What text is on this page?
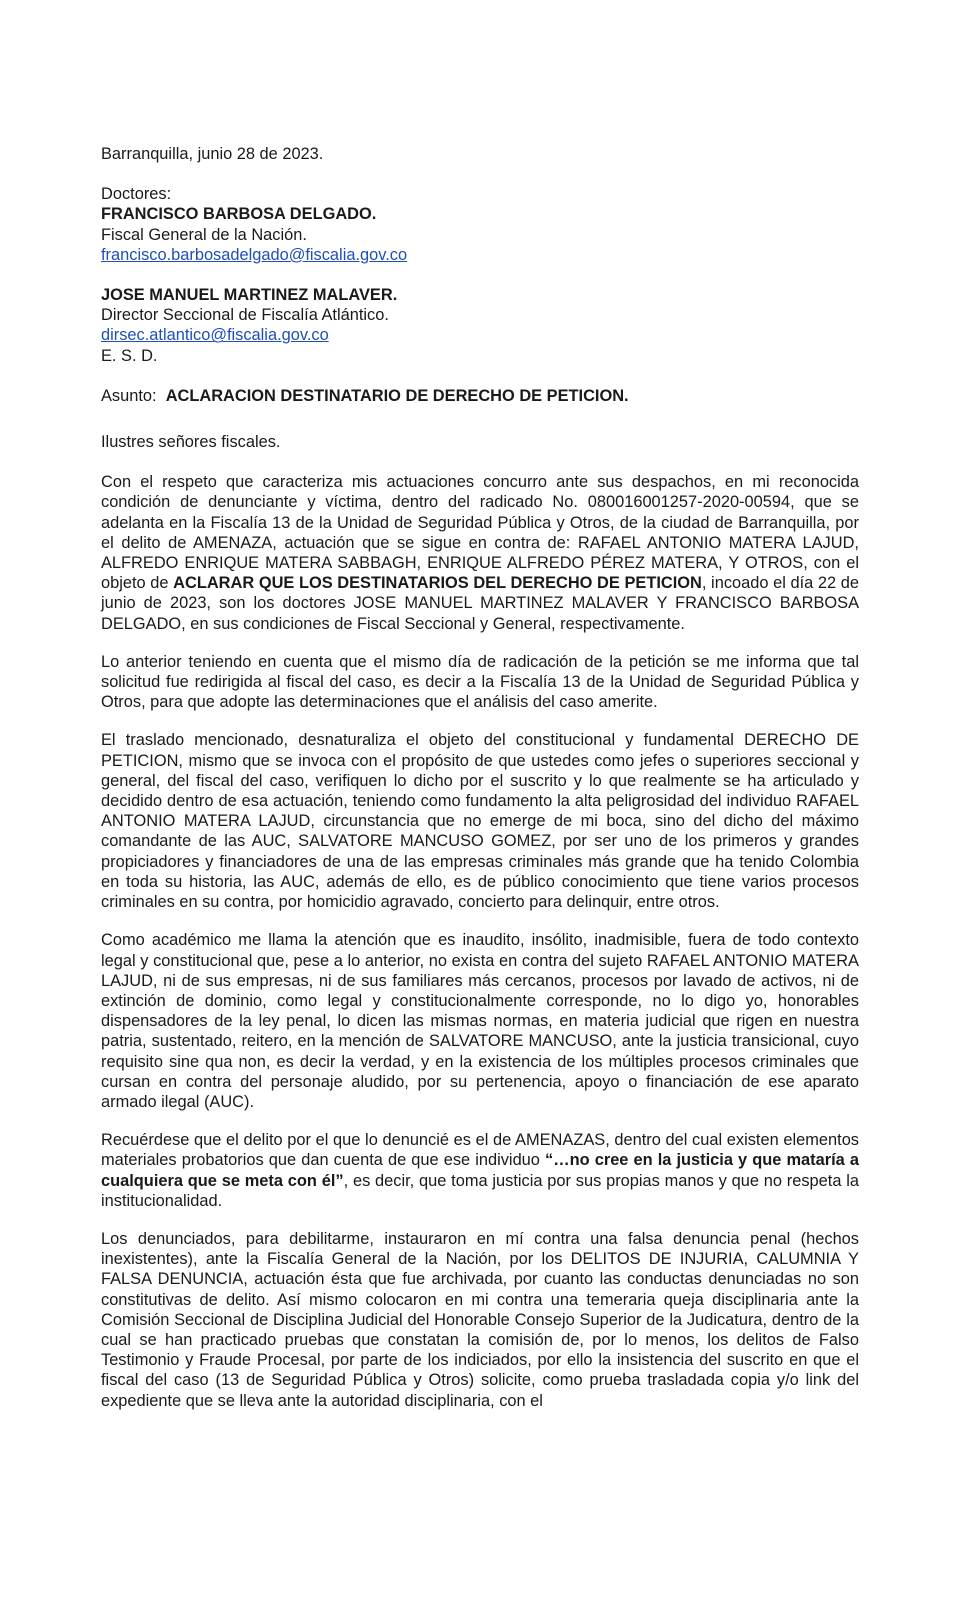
Barranquilla, junio 28 de 2023.
Doctores:
FRANCISCO BARBOSA DELGADO.
Fiscal General de la Nación.
francisco.barbosadelgado@fiscalia.gov.co
JOSE MANUEL MARTINEZ MALAVER.
Director Seccional de Fiscalía Atlántico.
dirsec.atlantico@fiscalia.gov.co
E. S. D.
Asunto: ACLARACION DESTINATARIO DE DERECHO DE PETICION.
Ilustres señores fiscales.

Con el respeto que caracteriza mis actuaciones concurro ante sus despachos, en mi reconocida condición de denunciante y víctima, dentro del radicado No. 080016001257-2020-00594, que se adelanta en la Fiscalía 13 de la Unidad de Seguridad Pública y Otros, de la ciudad de Barranquilla, por el delito de AMENAZA, actuación que se sigue en contra de: RAFAEL ANTONIO MATERA LAJUD, ALFREDO ENRIQUE MATERA SABBAGH, ENRIQUE ALFREDO PÉREZ MATERA, Y OTROS, con el objeto de ACLARAR QUE LOS DESTINATARIOS DEL DERECHO DE PETICION, incoado el día 22 de junio de 2023, son los doctores JOSE MANUEL MARTINEZ MALAVER Y FRANCISCO BARBOSA DELGADO, en sus condiciones de Fiscal Seccional y General, respectivamente.

Lo anterior teniendo en cuenta que el mismo día de radicación de la petición se me informa que tal solicitud fue redirigida al fiscal del caso, es decir a la Fiscalía 13 de la Unidad de Seguridad Pública y Otros, para que adopte las determinaciones que el análisis del caso amerite.

El traslado mencionado, desnaturaliza el objeto del constitucional y fundamental DERECHO DE PETICION, mismo que se invoca con el propósito de que ustedes como jefes o superiores seccional y general, del fiscal del caso, verifiquen lo dicho por el suscrito y lo que realmente se ha articulado y decidido dentro de esa actuación, teniendo como fundamento la alta peligrosidad del individuo RAFAEL ANTONIO MATERA LAJUD, circunstancia que no emerge de mi boca, sino del dicho del máximo comandante de las AUC, SALVATORE MANCUSO GOMEZ, por ser uno de los primeros y grandes propiciadores y financiadores de una de las empresas criminales más grande que ha tenido Colombia en toda su historia, las AUC, además de ello, es de público conocimiento que tiene varios procesos criminales en su contra, por homicidio agravado, concierto para delinquir, entre otros.

Como académico me llama la atención que es inaudito, insólito, inadmisible, fuera de todo contexto legal y constitucional que, pese a lo anterior, no exista en contra del sujeto RAFAEL ANTONIO MATERA LAJUD, ni de sus empresas, ni de sus familiares más cercanos, procesos por lavado de activos, ni de extinción de dominio, como legal y constitucionalmente corresponde, no lo digo yo, honorables dispensadores de la ley penal, lo dicen las mismas normas, en materia judicial que rigen en nuestra patria, sustentado, reitero, en la mención de SALVATORE MANCUSO, ante la justicia transicional, cuyo requisito sine qua non, es decir la verdad, y en la existencia de los múltiples procesos criminales que cursan en contra del personaje aludido, por su pertenencia, apoyo o financiación de ese aparato armado ilegal (AUC).

Recuérdese que el delito por el que lo denuncié es el de AMENAZAS, dentro del cual existen elementos materiales probatorios que dan cuenta de que ese individuo “…no cree en la justicia y que mataría a cualquiera que se meta con él”, es decir, que toma justicia por sus propias manos y que no respeta la institucionalidad.

Los denunciados, para debilitarme, instauraron en mí contra una falsa denuncia penal (hechos inexistentes), ante la Fiscalía General de la Nación, por los DELITOS DE INJURIA, CALUMNIA Y FALSA DENUNCIA, actuación ésta que fue archivada, por cuanto las conductas denunciadas no son constitutivas de delito. Así mismo colocaron en mi contra una temeraria queja disciplinaria ante la Comisión Seccional de Disciplina Judicial del Honorable Consejo Superior de la Judicatura, dentro de la cual se han practicado pruebas que constatan la comisión de, por lo menos, los delitos de Falso Testimonio y Fraude Procesal, por parte de los indiciados, por ello la insistencia del suscrito en que el fiscal del caso (13 de Seguridad Pública y Otros) solicite, como prueba trasladada copia y/o link del expediente que se lleva ante la autoridad disciplinaria, con el
